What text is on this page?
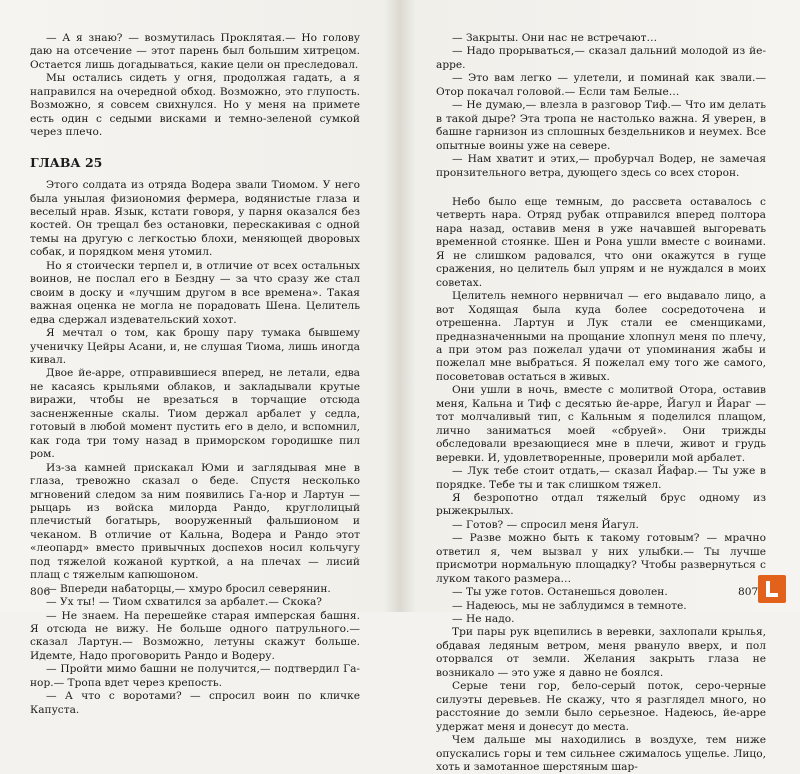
— А я знаю? — возмутилась Проклятая.— Но голову даю на отсечение — этот парень был большим хитрецом. Остается лишь догадываться, какие цели он преследовал.

Мы остались сидеть у огня, продолжая гадать, а я направился на очередной обход. Возможно, это глупость. Возможно, я совсем свихнулся. Но у меня на примете есть один с седыми висками и темно-зеленой сумкой через плечо.

ГЛАВА 25

Этого солдата из отряда Водера звали Тиомом. У него была унылая физиономия фермера, водянистые глаза и веселый нрав. Язык, кстати говоря, у парня оказался без костей. Он трещал без остановки, перескакивая с одной темы на другую с легкостью блохи, меняющей дворовых собак, и порядком меня утомил.

Но я стоически терпел и, в отличие от всех остальных воинов, не послал его в Бездну — за что сразу же стал своим в доску и «лучшим другом в все времена». Такая важная оценка не могла не порадовать Шена. Целитель едва сдержал издевательский хохот.

Я мечтал о том, как брошу пару тумака бывшему ученичку Цейры Асани, и, не слушая Тиома, лишь иногда кивал.

Двое йе-арре, отправившиеся вперед, не летали, едва не касаясь крыльями облаков, и закладывали крутые виражи, чтобы не врезаться в торчащие отсюда засненженные скалы. Тиом держал арбалет у седла, готовый в любой момент пустить его в дело, и вспомнил, как года три тому назад в приморском городишке пил ром.

Из-за камней прискакал Юми и заглядывая мне в глаза, тревожно сказал о беде. Спустя несколько мгновений следом за ним появились Га-нор и Лартун — рыцарь из войска милорда Рандо, круглолицый плечистый богатырь, вооруженный фальшионом и чеканом. В отличие от Кальна, Водера и Рандо этот «леопард» вместо привычных доспехов носил кольчугу под тяжелой кожаной курткой, а на плечах — лисий плащ с тяжелым капюшоном.

— Впереди набаторцы,— хмуро бросил северянин.

— Ух ты! — Тиом схватился за арбалет.— Скока?

— Не знаем. На перешейке старая имперская башня. Я отсюда не вижу. Не больше одного патрульного.— сказал Лартун.— Возможно, летуны скажут больше. Идемте, Надо проговорить Рандо и Водеру.

— Пройти мимо башни не получится,— подтвердил Га-нор.— Тропа вдет через крепость.

— А что с воротами? — спросил воин по кличке Капуста.

— Закрыты. Они нас не встречают…

— Надо прорываться,— сказал дальний молодой из йе-арре.

— Это вам легко — улетели, и поминай как звали.— Отор покачал головой.— Если там Белые…

— Не думаю,— влезла в разговор Тиф.— Что им делать в такой дыре? Эта тропа не настолько важна. Я уверен, в башне гарнизон из сплошных бездельников и неумех. Все опытные воины уже на севере.

— Нам хватит и этих,— пробурчал Водер, не замечая пронзительного ветра, дующего здесь со всех сторон.

Небо было еще темным, до рассвета оставалось с четверть нара. Отряд рубак отправился вперед полтора нара назад, оставив меня в уже начавшей выгоревать временной стоянке. Шен и Рона ушли вместе с воинами. Я не слишком радовался, что они окажутся в гуще сражения, но целитель был упрям и не нуждался в моих советах.

Целитель немного нервничал — его выдавало лицо, а вот Ходящая была куда более сосредоточена и отрешенна. Лартун и Лук стали ее сменщиками, предназначенными на прощание хлопнул меня по плечу, а при этом раз пожелал удачи от упоминания жабы и пожелал мне выбраться. Я пожелал ему того же самого, посоветовав остаться в живых.

Они ушли в ночь, вместе с молитвой Отора, оставив меня, Кальна и Тиф с десятью йе-арре, Йагул и Йараг — тот молчаливый тип, с Кальным я поделился плащом, лично заниматься моей «сбруей». Они трижды обследовали врезающиеся мне в плечи, живот и грудь веревки. И, удовлетворенные, проверили мой арбалет.

— Лук тебе стоит отдать,— сказал Йафар.— Ты уже в порядке. Тебе ты и так слишком тяжел.

Я безропотно отдал тяжелый брус одному из рыжекрылых.

— Готов? — спросил меня Йагул.

— Разве можно быть к такому готовым? — мрачно ответил я, чем вызвал у них улыбки.— Ты лучше присмотри нормальную площадку? Чтобы развернуться с луком такого размера…

— Ты уже готов. Останешься доволен.

— Надеюсь, мы не заблудимся в темноте.

— Не надо.

Три пары рук вцепились в веревки, захлопали крылья, обдавая ледяным ветром, меня рвануло вверх, и пол оторвался от земли. Желания закрыть глаза не возникало — это уже я давно не боялся.

Серые тени гор, бело-серый поток, серо-черные силуэты деревьев. Не скажу, что я разглядел много, но расстояние до земли было серьезное. Надеюсь, йе-арре удержат меня и донесут до места.

Чем дальше мы находились в воздухе, тем ниже опускались горы и тем сильнее сжималось ущелье. Лицо, хоть и замотанное шерстяным шар-

806	807
